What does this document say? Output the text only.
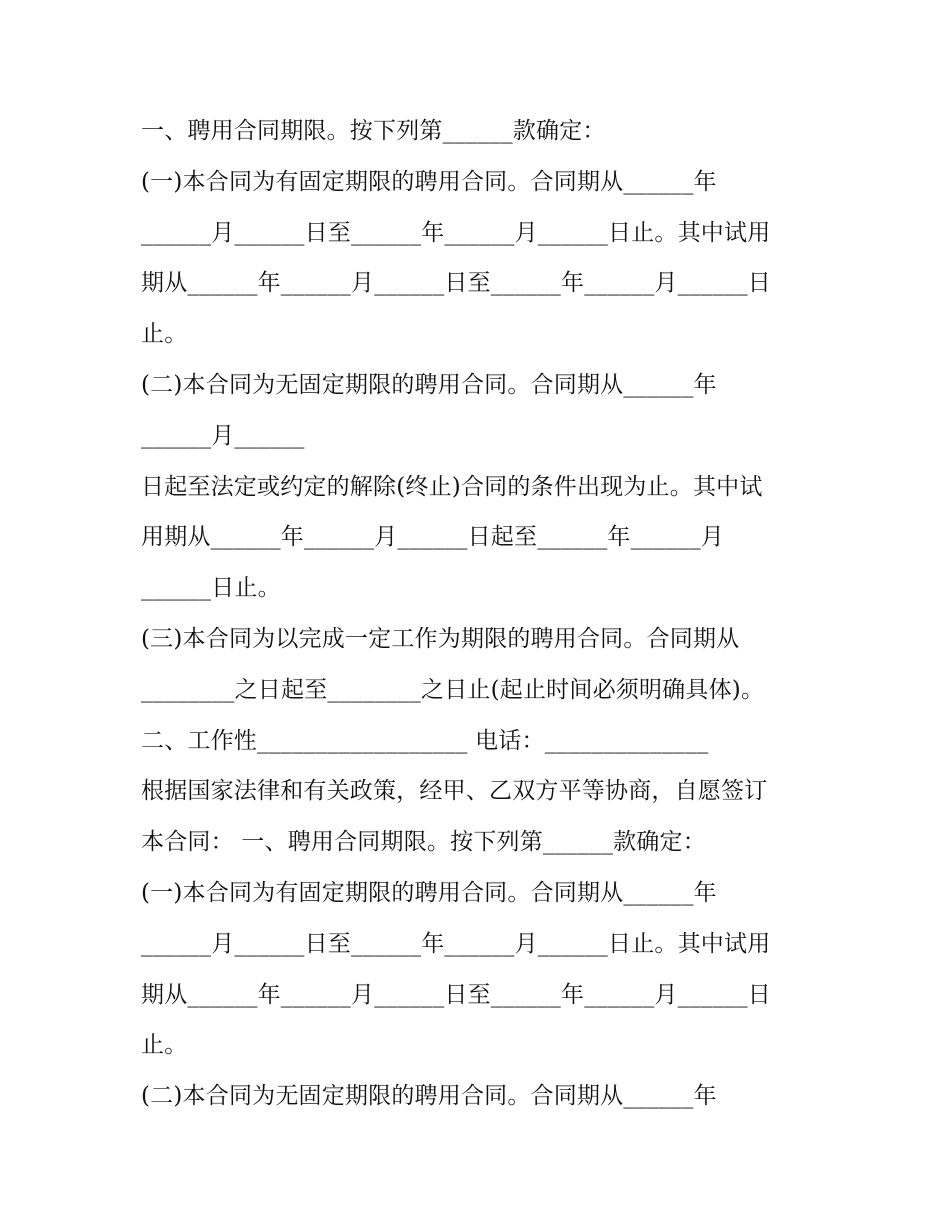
一、聘用合同期限。按下列第______款确定：
(一)本合同为有固定期限的聘用合同。合同期从______年
______月______日至______年______月______日止。其中试用
期从______年______月______日至______年______月______日
止。
(二)本合同为无固定期限的聘用合同。合同期从______年
______月______
日起至法定或约定的解除(终止)合同的条件出现为止。其中试
用期从______年______月______日起至______年______月
______日止。
(三)本合同为以完成一定工作为期限的聘用合同。合同期从
________之日起至________之日止(起止时间必须明确具体)。
二、工作性__________________ 电话：______________
根据国家法律和有关政策，经甲、乙双方平等协商，自愿签订
本合同： 一、聘用合同期限。按下列第______款确定：
(一)本合同为有固定期限的聘用合同。合同期从______年
______月______日至______年______月______日止。其中试用
期从______年______月______日至______年______月______日
止。
(二)本合同为无固定期限的聘用合同。合同期从______年
